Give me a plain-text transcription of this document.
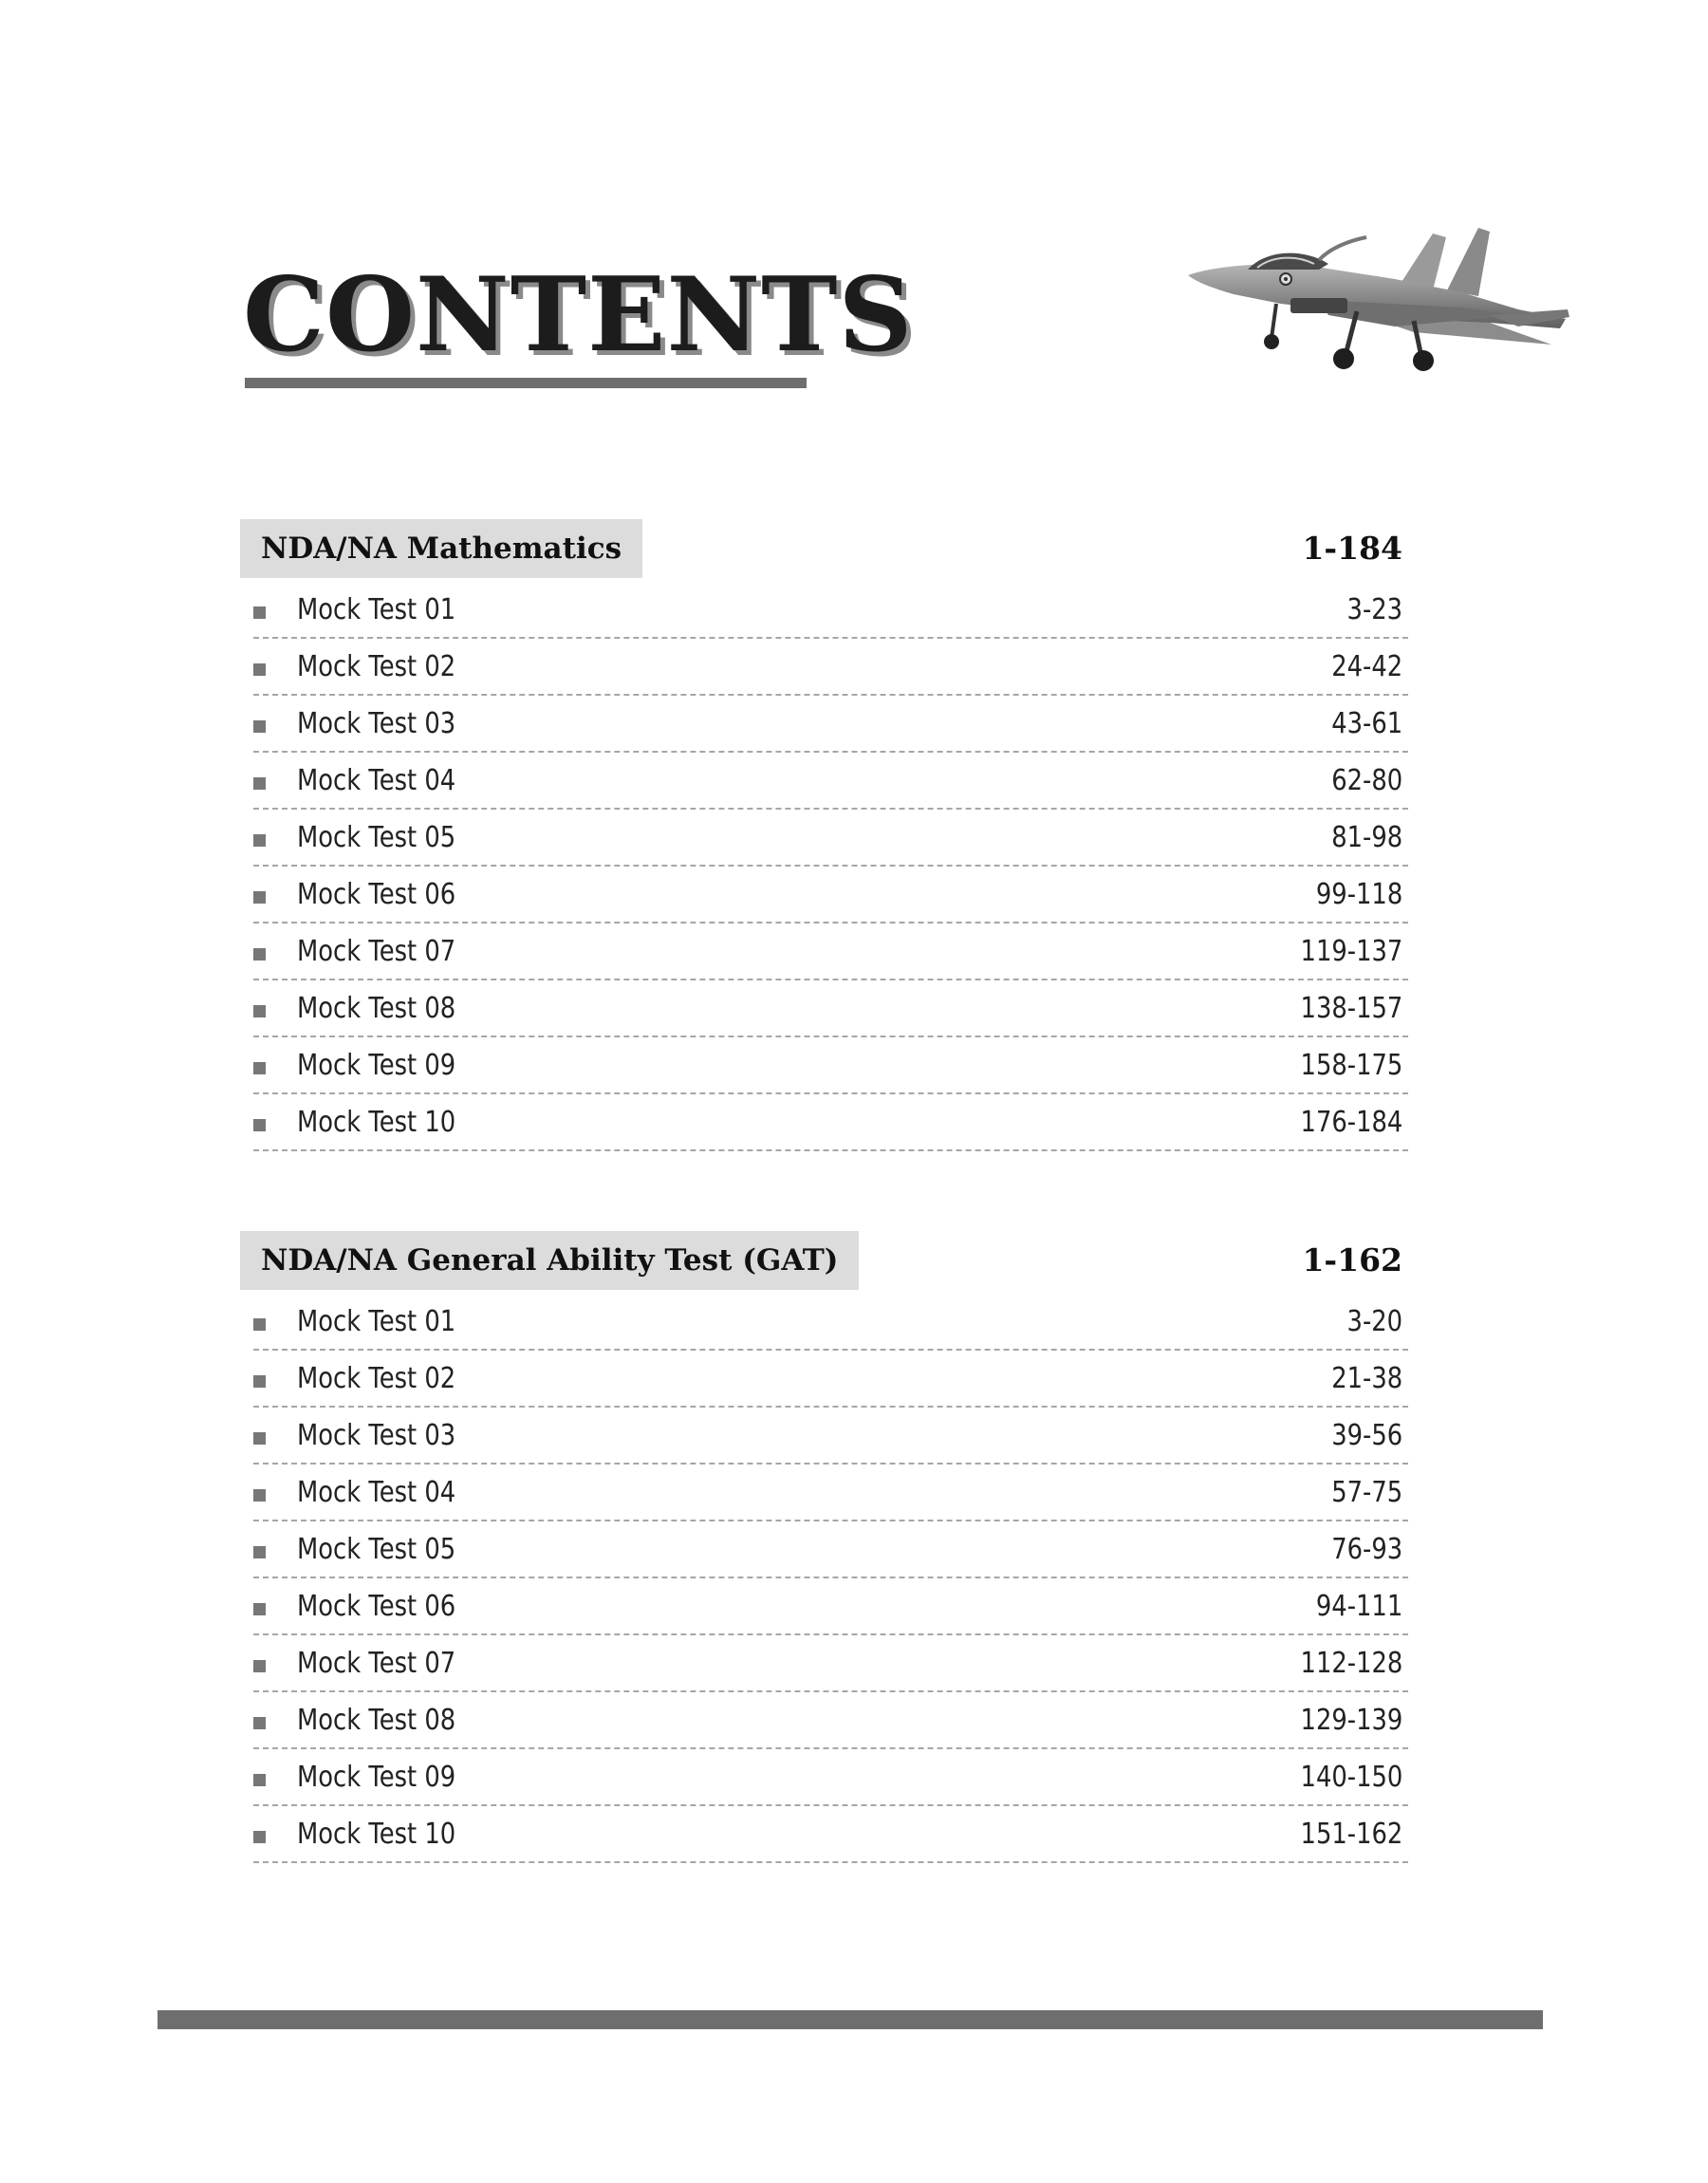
CONTENTS
NDA/NA Mathematics	1-184
Mock Test 01	3-23
Mock Test 02	24-42
Mock Test 03	43-61
Mock Test 04	62-80
Mock Test 05	81-98
Mock Test 06	99-118
Mock Test 07	119-137
Mock Test 08	138-157
Mock Test 09	158-175
Mock Test 10	176-184
NDA/NA General Ability Test (GAT)	1-162
Mock Test 01	3-20
Mock Test 02	21-38
Mock Test 03	39-56
Mock Test 04	57-75
Mock Test 05	76-93
Mock Test 06	94-111
Mock Test 07	112-128
Mock Test 08	129-139
Mock Test 09	140-150
Mock Test 10	151-162
